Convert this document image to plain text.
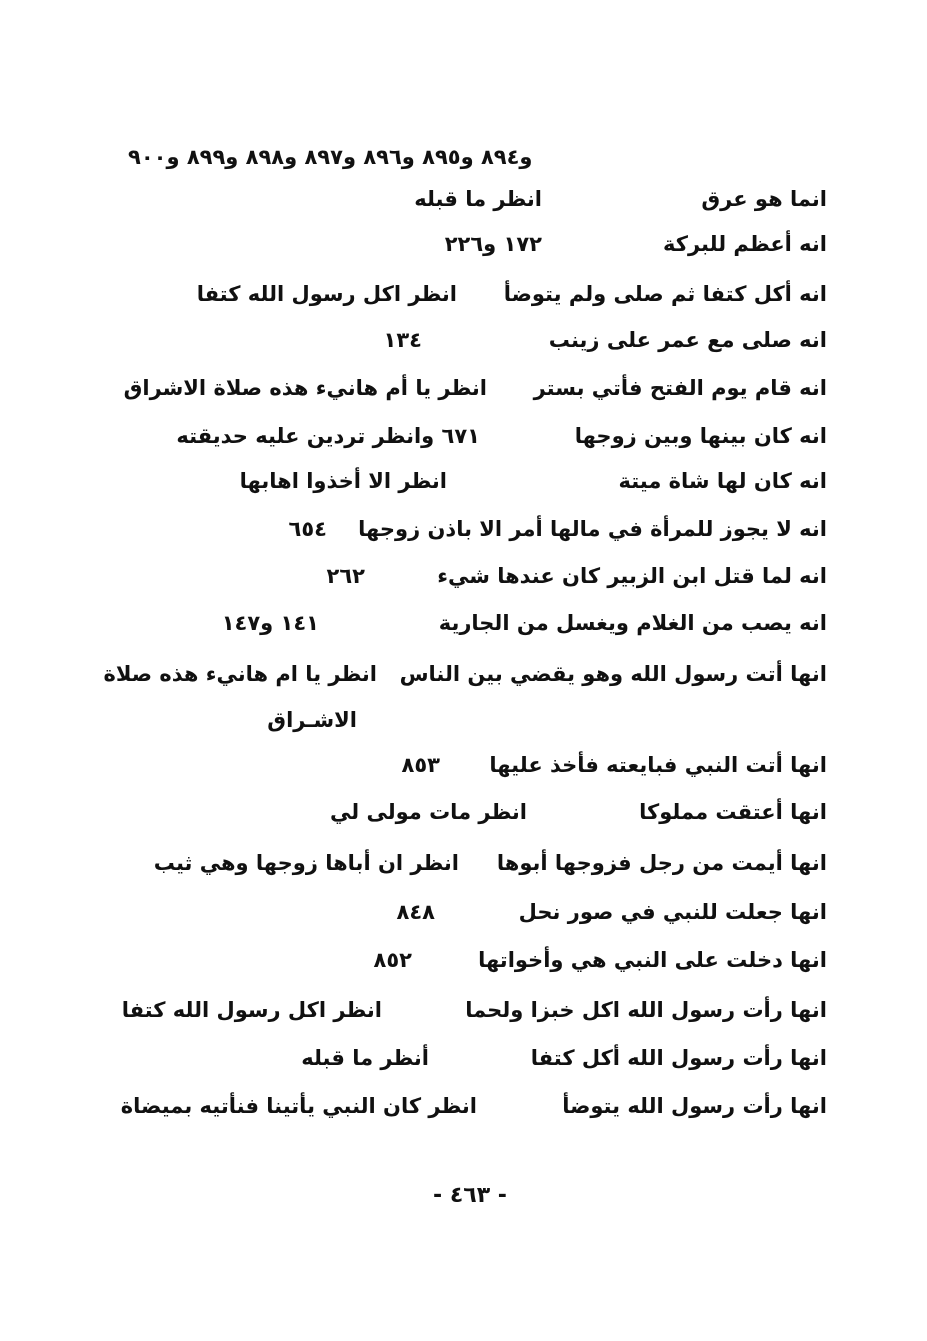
و٨٩٤ و٨٩٥ و٨٩٦ و٨٩٧ و٨٩٨ و٨٩٩ و٩٠٠
انما هو عرق
انظر ما قبله
انه أعظم للبركة
١٧٢ و٢٢٦
انه أكل كتفا ثم صلى ولم يتوضأ
انظر اكل رسول الله كتفا
انه صلى مع عمر على زينب
١٣٤
انه قام يوم الفتح فأتي بستر
انظر يا أم هانيء هذه صلاة الاشراق
انه كان بينها وبين زوجها
٦٧١ وانظر تردين عليه حديقته
انه كان لها شاة ميتة
انظر الا أخذوا اهابها
انه لا يجوز للمرأة في مالها أمر الا باذن زوجها
٦٥٤
انه لما قتل ابن الزبير كان عندها شيء
٢٦٢
انه يصب من الغلام ويغسل من الجارية
١٤١ و١٤٧
انها أتت رسول الله وهو يقضي بين الناس
انظر يا ام هانيء هذه صلاة
الاشـراق
انها أتت النبي فبايعته فأخذ عليها
٨٥٣
انها أعتقت مملوكا
انظر مات مولى لي
انها أيمت من رجل فزوجها أبوها
انظر ان أباها زوجها وهي ثيب
انها جعلت للنبي في صور نحل
٨٤٨
انها دخلت على النبي هي وأخواتها
٨٥٢
انها رأت رسول الله اكل خبزا ولحما
انظر اكل رسول الله كتفا
انها رأت رسول الله أكل كتفا
أنظر ما قبله
انها رأت رسول الله يتوضأ
انظر كان النبي يأتينا فنأتيه بميضاة
- ٤٦٣ -
